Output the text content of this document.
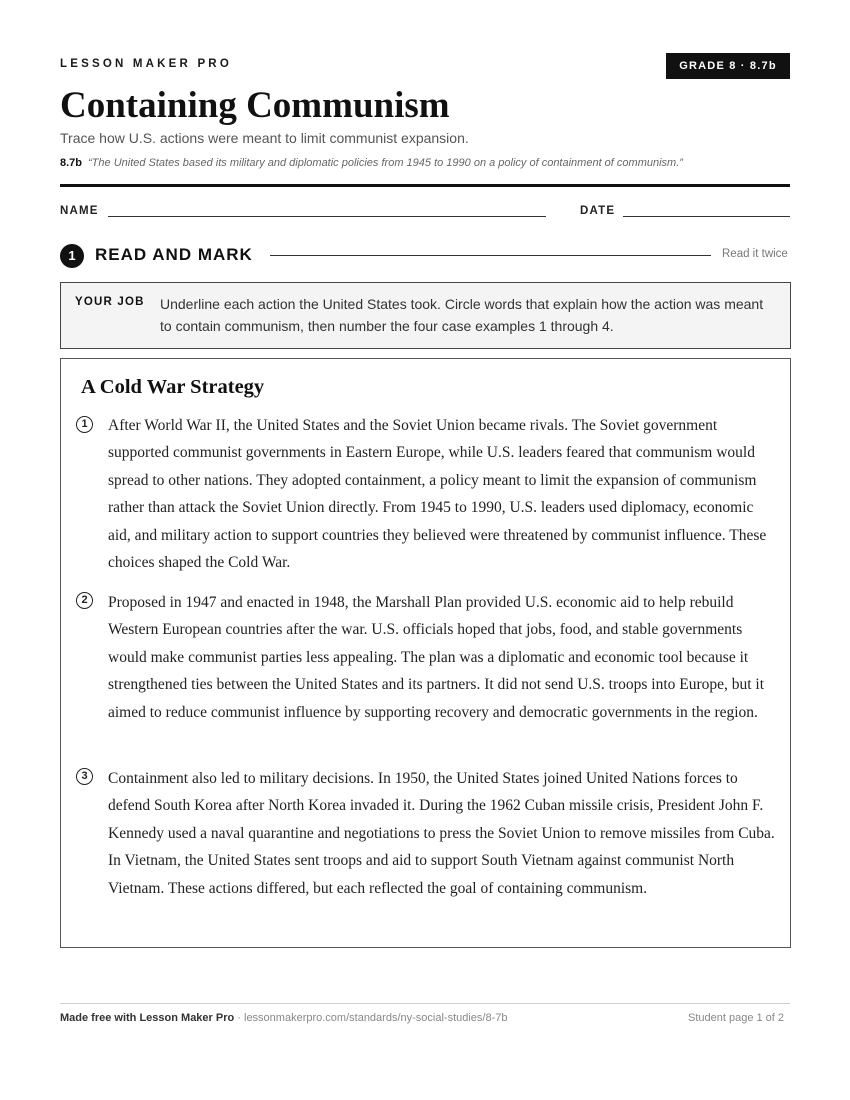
LESSON MAKER PRO	GRADE 8 · 8.7b
Containing Communism
Trace how U.S. actions were meant to limit communist expansion.
8.7b “The United States based its military and diplomatic policies from 1945 to 1990 on a policy of containment of communism.”
NAME	DATE
1	READ AND MARK	Read it twice
YOUR JOB Underline each action the United States took. Circle words that explain how the action was meant to contain communism, then number the four case examples 1 through 4.
A Cold War Strategy
1	After World War II, the United States and the Soviet Union became rivals. The Soviet government supported communist governments in Eastern Europe, while U.S. leaders feared that communism would spread to other nations. They adopted containment, a policy meant to limit the expansion of communism rather than attack the Soviet Union directly. From 1945 to 1990, U.S. leaders used diplomacy, economic aid, and military action to support countries they believed were threatened by communist influence. These choices shaped the Cold War.

2	Proposed in 1947 and enacted in 1948, the Marshall Plan provided U.S. economic aid to help rebuild Western European countries after the war. U.S. officials hoped that jobs, food, and stable governments would make communist parties less appealing. The plan was a diplomatic and economic tool because it strengthened ties between the United States and its partners. It did not send U.S. troops into Europe, but it aimed to reduce communist influence by supporting recovery and democratic governments in the region.

3	Containment also led to military decisions. In 1950, the United States joined United Nations forces to defend South Korea after North Korea invaded it. During the 1962 Cuban missile crisis, President John F. Kennedy used a naval quarantine and negotiations to press the Soviet Union to remove missiles from Cuba. In Vietnam, the United States sent troops and aid to support South Vietnam against communist North Vietnam. These actions differed, but each reflected the goal of containing communism.

Made free with Lesson Maker Pro · lessonmakerpro.com/standards/ny-social-studies/8-7b	Student page 1 of 2
